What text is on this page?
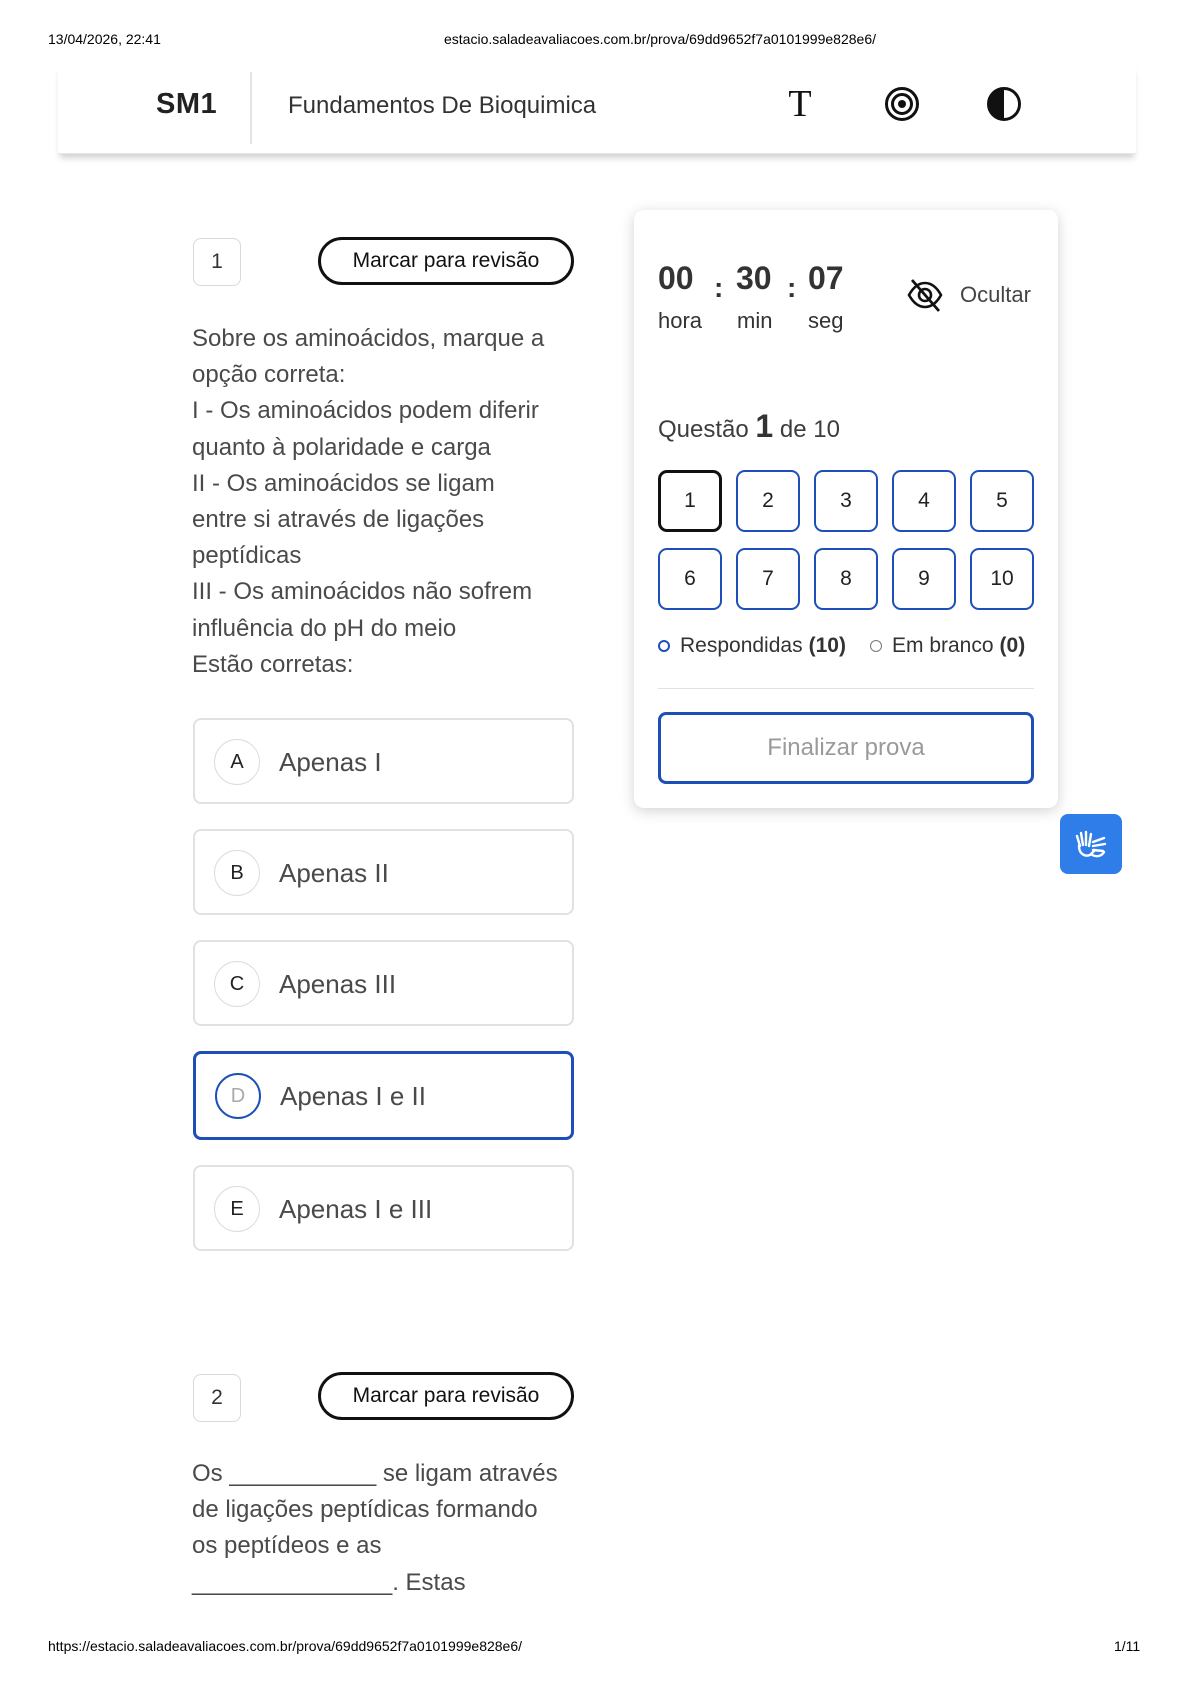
13/04/2026, 22:41	estacio.saladeavaliacoes.com.br/prova/69dd9652f7a0101999e828e6/
https://estacio.saladeavaliacoes.com.br/prova/69dd9652f7a0101999e828e6/	1/11
SM1	Fundamentos De Bioquimica	T
1	Marcar para revisão
Sobre os aminoácidos, marque a
opção correta:
I - Os aminoácidos podem diferir
quanto à polaridade e carga
II - Os aminoácidos se ligam
entre si através de ligações
peptídicas
III - Os aminoácidos não sofrem
influência do pH do meio
Estão corretas:
A	Apenas I
B	Apenas II
C	Apenas III
D	Apenas I e II
E	Apenas I e III
2	Marcar para revisão
Os ___________ se ligam através
de ligações peptídicas formando
os peptídeos e as
_______________. Estas
00 : 30 : 07
hora min seg
Ocultar
Questão 1 de 10
1	2	3	4	5
6	7	8	9	10
Respondidas (10) Em branco (0)
Finalizar prova
